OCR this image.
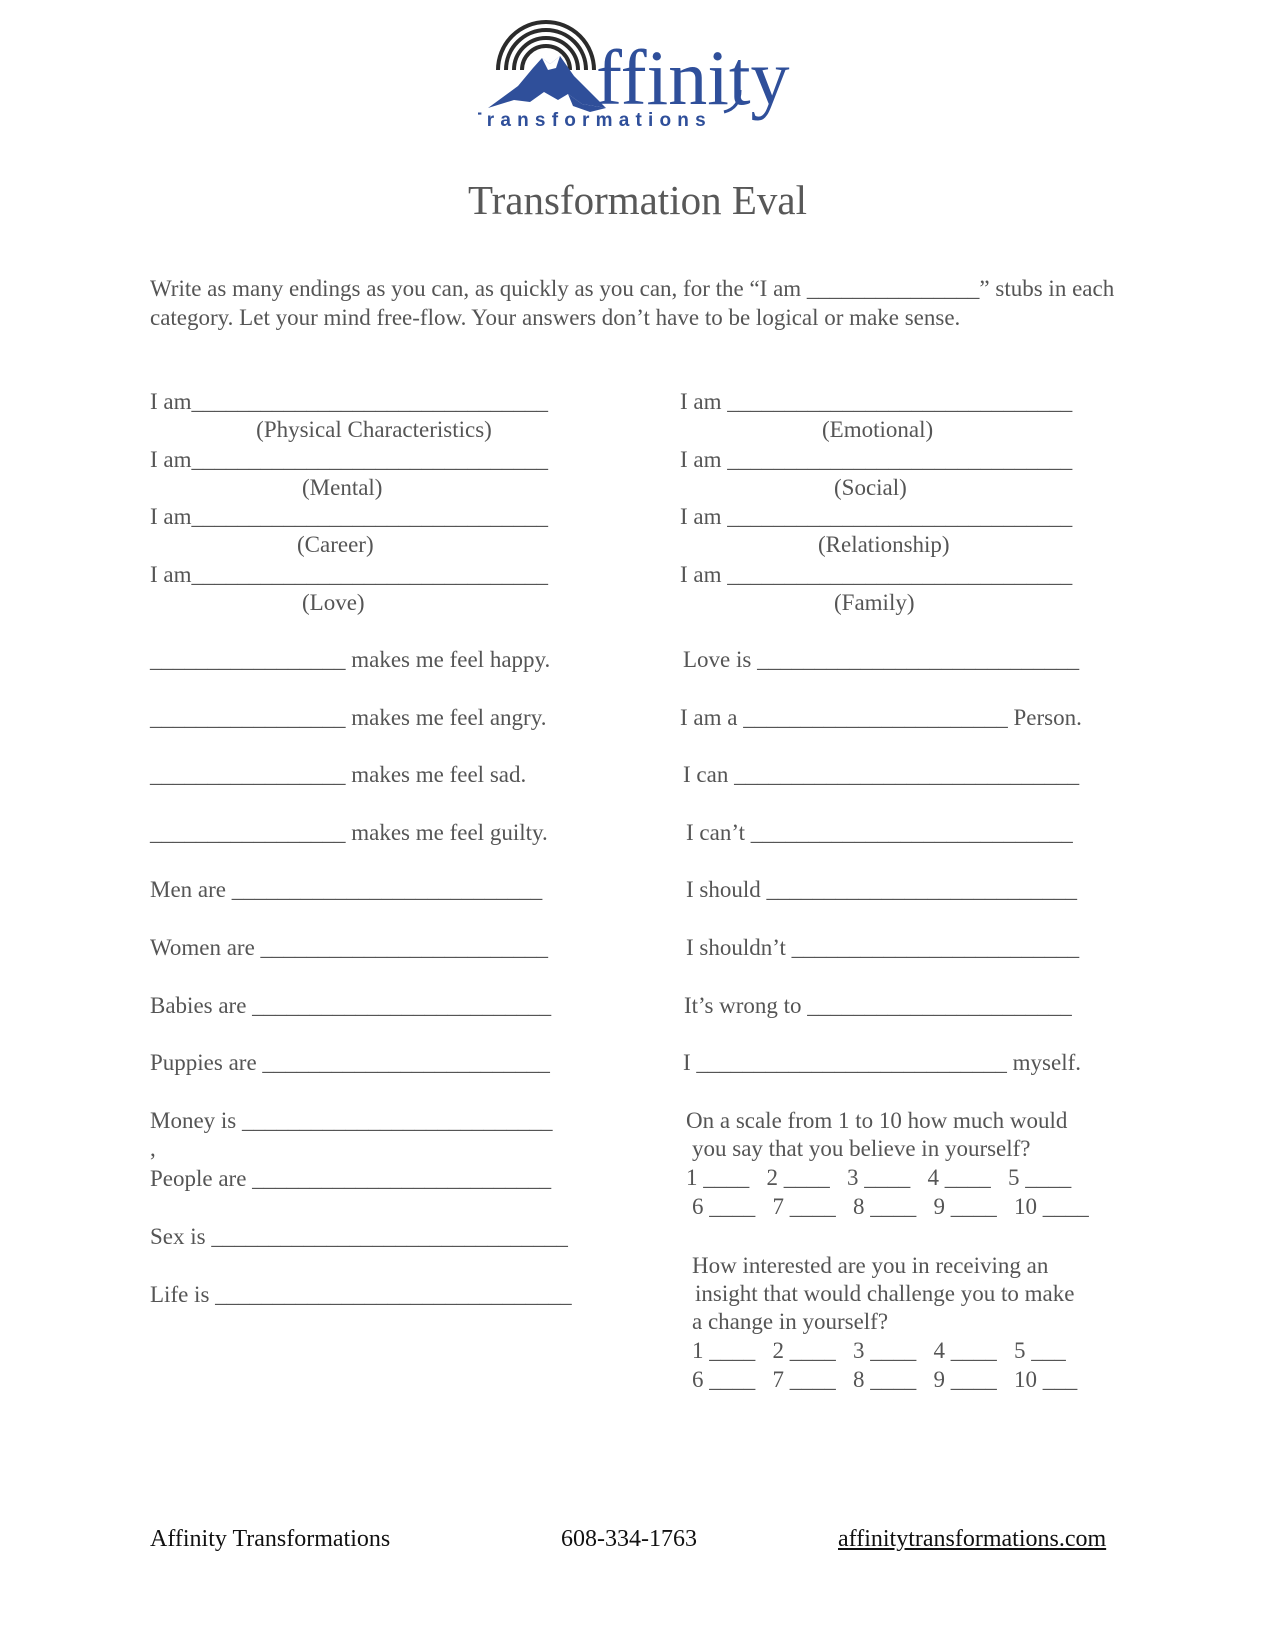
ffinity
Transformations
Transformation Eval
Write as many endings as you can, as quickly as you can, for the “I am _______________” stubs in each category. Let your mind free-flow. Your answers don’t have to be logical or make sense.
I am_______________________________
(Physical Characteristics)
I am_______________________________
(Mental)
I am_______________________________
(Career)
I am_______________________________
(Love)
_________________ makes me feel happy.
_________________ makes me feel angry.
_________________ makes me feel sad.
_________________ makes me feel guilty.
Men are ___________________________
Women are _________________________
Babies are __________________________
Puppies are _________________________
Money is ___________________________
,
People are __________________________
Sex is _______________________________
Life is _______________________________
I am ______________________________
(Emotional)
I am ______________________________
(Social)
I am ______________________________
(Relationship)
I am ______________________________
(Family)
Love is ____________________________
I am a _______________________ Person.
I can ______________________________
I can’t ____________________________
I should ___________________________
I shouldn’t _________________________
It’s wrong to _______________________
I ___________________________ myself.
On a scale from 1 to 10 how much would
you say that you believe in yourself?
1 ____   2 ____   3 ____   4 ____   5 ____
6 ____   7 ____   8 ____   9 ____   10 ____
How interested are you in receiving an
insight that would challenge you to make
a change in yourself?
1 ____   2 ____   3 ____   4 ____   5 ___
6 ____   7 ____   8 ____   9 ____   10 ___
Affinity Transformations	608-334-1763	affinitytransformations.com
